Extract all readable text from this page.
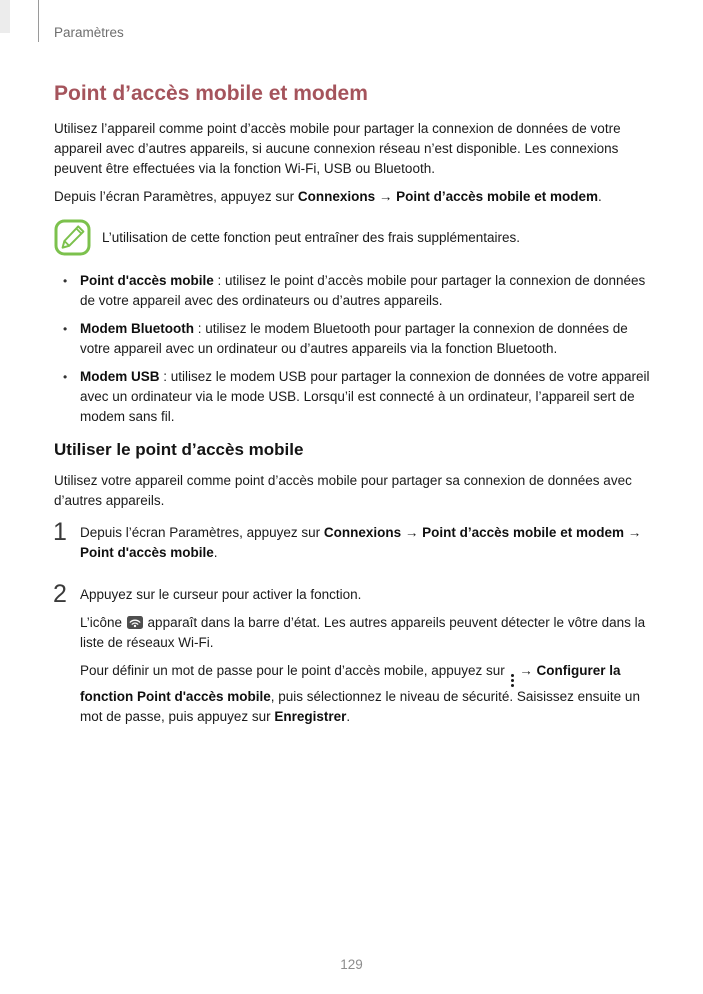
Paramètres
Point d’accès mobile et modem

Utilisez l’appareil comme point d’accès mobile pour partager la connexion de données de votre appareil avec d’autres appareils, si aucune connexion réseau n’est disponible. Les connexions peuvent être effectuées via la fonction Wi-Fi, USB ou Bluetooth.

Depuis l’écran Paramètres, appuyez sur Connexions → Point d’accès mobile et modem.

L’utilisation de cette fonction peut entraîner des frais supplémentaires.

• Point d'accès mobile : utilisez le point d’accès mobile pour partager la connexion de données de votre appareil avec des ordinateurs ou d’autres appareils.
• Modem Bluetooth : utilisez le modem Bluetooth pour partager la connexion de données de votre appareil avec un ordinateur ou d’autres appareils via la fonction Bluetooth.
• Modem USB : utilisez le modem USB pour partager la connexion de données de votre appareil avec un ordinateur via le mode USB. Lorsqu’il est connecté à un ordinateur, l’appareil sert de modem sans fil.
Utiliser le point d’accès mobile

Utilisez votre appareil comme point d’accès mobile pour partager sa connexion de données avec d’autres appareils.

1 Depuis l’écran Paramètres, appuyez sur Connexions → Point d’accès mobile et modem → Point d'accès mobile.

2 Appuyez sur le curseur pour activer la fonction.

L’icône  apparaît dans la barre d’état. Les autres appareils peuvent détecter le vôtre dans la liste de réseaux Wi-Fi.

Pour définir un mot de passe pour le point d’accès mobile, appuyez sur
→ Configurer la fonction Point d'accès mobile, puis sélectionnez le niveau de sécurité. Saisissez ensuite un mot de passe, puis appuyez sur Enregistrer.

129
